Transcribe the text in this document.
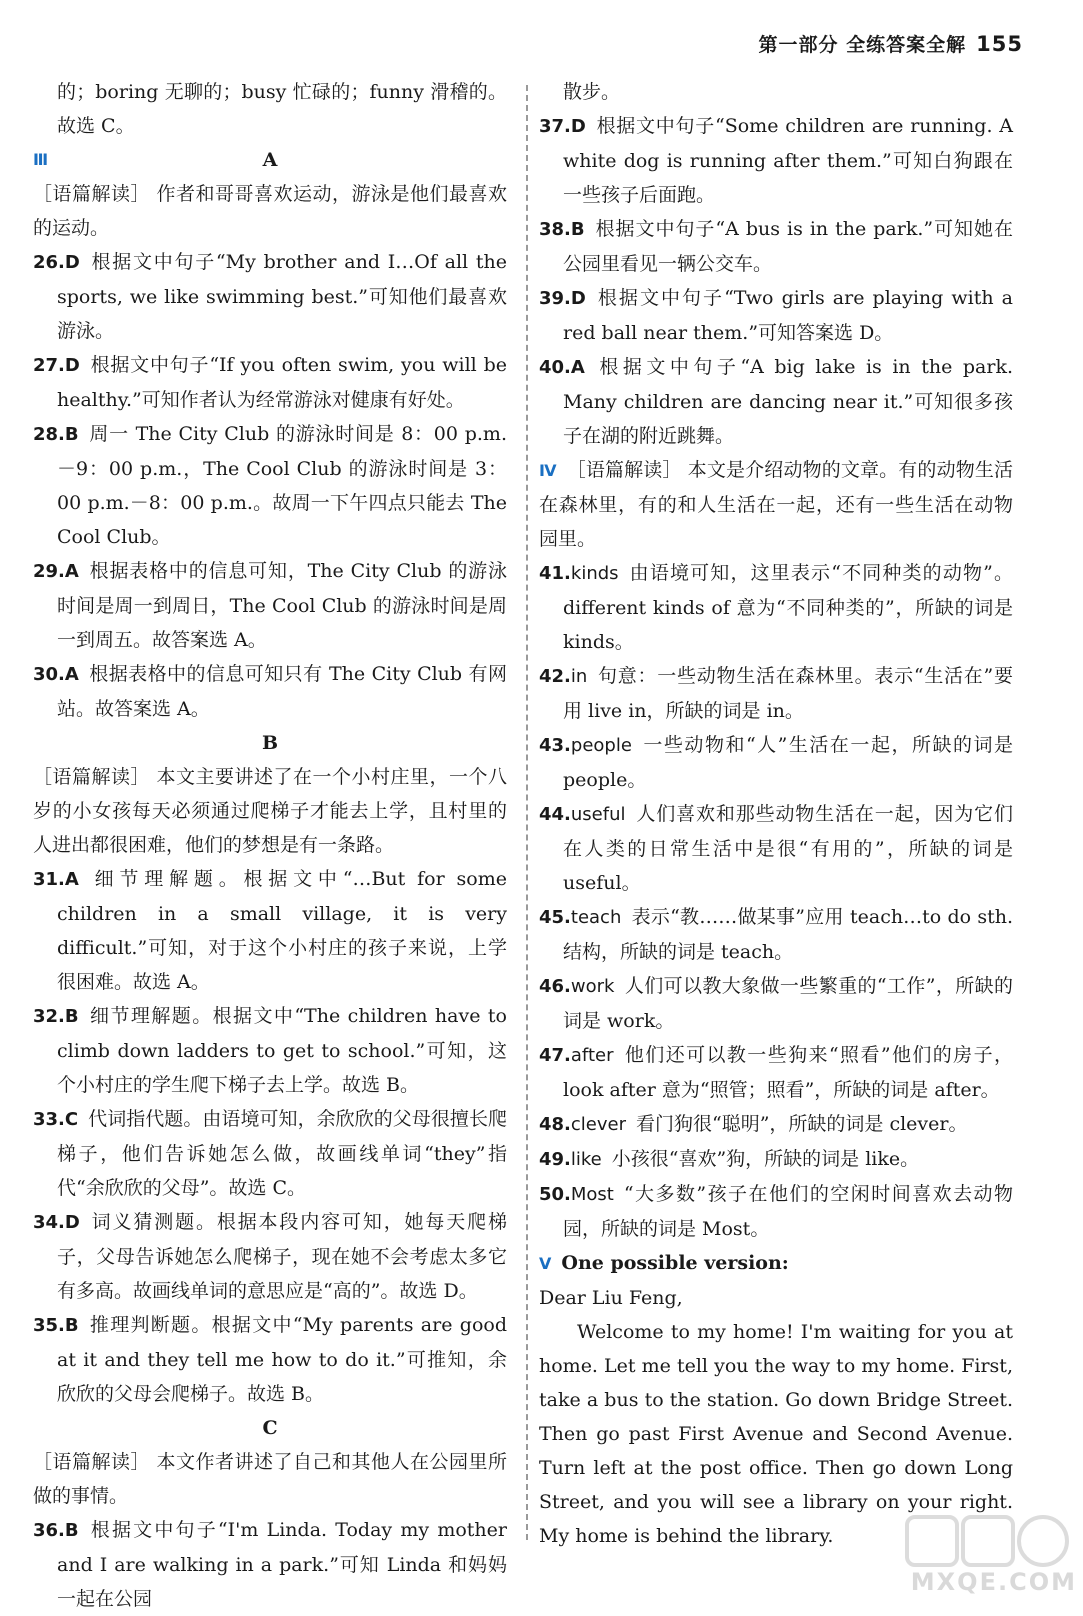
第一部分 全练答案全解 155

的；boring 无聊的；busy 忙碌的；funny 滑稽的。故选 C。

Ⅲ	A

［语篇解读］ 作者和哥哥喜欢运动，游泳是他们最喜欢的运动。

26.D 根据文中句子“My brother and I…Of all the sports, we like swimming best.”可知他们最喜欢游泳。

27.D 根据文中句子“If you often swim, you will be healthy.”可知作者认为经常游泳对健康有好处。

28.B 周一 The City Club 的游泳时间是 8：00 p.m.－9：00 p.m.，The Cool Club 的游泳时间是 3：00 p.m.－8：00 p.m.。故周一下午四点只能去 The Cool Club。

29.A 根据表格中的信息可知，The City Club 的游泳时间是周一到周日，The Cool Club 的游泳时间是周一到周五。故答案选 A。

30.A 根据表格中的信息可知只有 The City Club 有网站。故答案选 A。

B

［语篇解读］ 本文主要讲述了在一个小村庄里，一个八岁的小女孩每天必须通过爬梯子才能去上学，且村里的人进出都很困难，他们的梦想是有一条路。

31.A 细节理解题。根据文中“…But for some children in a small village, it is very difficult.”可知，对于这个小村庄的孩子来说，上学很困难。故选 A。

32.B 细节理解题。根据文中“The children have to climb down ladders to get to school.”可知，这个小村庄的学生爬下梯子去上学。故选 B。

33.C 代词指代题。由语境可知，余欣欣的父母很擅长爬梯子，他们告诉她怎么做，故画线单词“they”指代“余欣欣的父母”。故选 C。

34.D 词义猜测题。根据本段内容可知，她每天爬梯子，父母告诉她怎么爬梯子，现在她不会考虑太多它有多高。故画线单词的意思应是“高的”。故选 D。

35.B 推理判断题。根据文中“My parents are good at it and they tell me how to do it.”可推知，余欣欣的父母会爬梯子。故选 B。

C

［语篇解读］ 本文作者讲述了自己和其他人在公园里所做的事情。

36.B 根据文中句子“I'm Linda. Today my mother and I are walking in a park.”可知 Linda 和妈妈一起在公园

散步。

37.D 根据文中句子“Some children are running. A white dog is running after them.”可知白狗跟在一些孩子后面跑。

38.B 根据文中句子“A bus is in the park.”可知她在公园里看见一辆公交车。

39.D 根据文中句子“Two girls are playing with a red ball near them.”可知答案选 D。

40.A 根据文中句子“A big lake is in the park. Many children are dancing near it.”可知很多孩子在湖的附近跳舞。

Ⅳ ［语篇解读］ 本文是介绍动物的文章。有的动物生活在森林里，有的和人生活在一起，还有一些生活在动物园里。

41.kinds 由语境可知，这里表示“不同种类的动物”。different kinds of 意为“不同种类的”，所缺的词是 kinds。

42.in 句意：一些动物生活在森林里。表示“生活在”要用 live in，所缺的词是 in。

43.people 一些动物和“人”生活在一起，所缺的词是 people。

44.useful 人们喜欢和那些动物生活在一起，因为它们在人类的日常生活中是很“有用的”，所缺的词是 useful。

45.teach 表示“教……做某事”应用 teach…to do sth. 结构，所缺的词是 teach。

46.work 人们可以教大象做一些繁重的“工作”，所缺的词是 work。

47.after 他们还可以教一些狗来“照看”他们的房子，look after 意为“照管；照看”，所缺的词是 after。

48.clever 看门狗很“聪明”，所缺的词是 clever。

49.like 小孩很“喜欢”狗，所缺的词是 like。

50.Most “大多数”孩子在他们的空闲时间喜欢去动物园，所缺的词是 Most。

Ⅴ One possible version:

Dear Liu Feng,

Welcome to my home! I'm waiting for you at home. Let me tell you the way to my home. First, take a bus to the station. Go down Bridge Street. Then go past First Avenue and Second Avenue. Turn left at the post office. Then go down Long Street, and you will see a library on your right. My home is behind the library.

MXQE.COM
